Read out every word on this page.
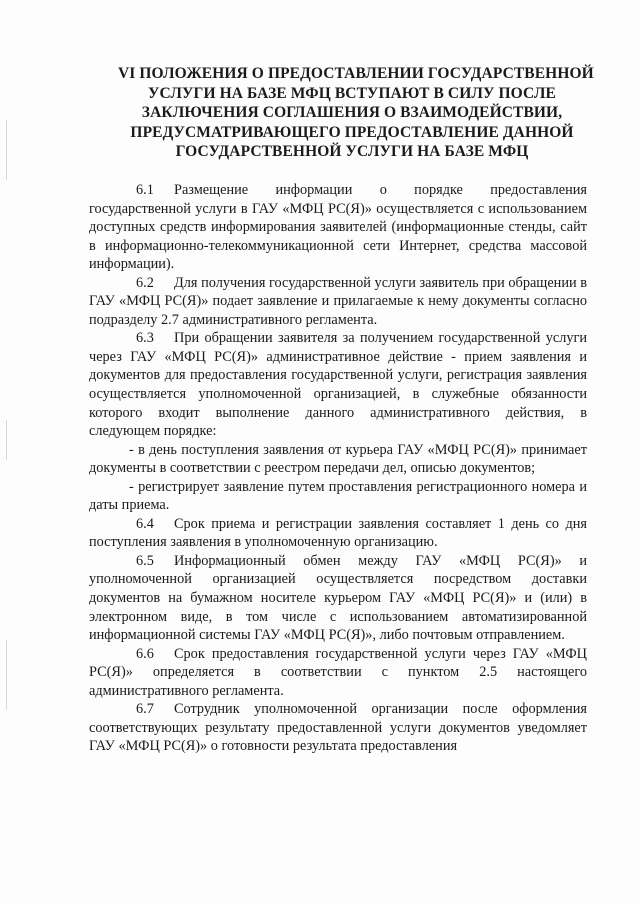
VI ПОЛОЖЕНИЯ О ПРЕДОСТАВЛЕНИИ ГОСУДАРСТВЕННОЙ
УСЛУГИ НА БАЗЕ МФЦ ВСТУПАЮТ В СИЛУ ПОСЛЕ
ЗАКЛЮЧЕНИЯ СОГЛАШЕНИЯ О ВЗАИМОДЕЙСТВИИ,
ПРЕДУСМАТРИВАЮЩЕГО ПРЕДОСТАВЛЕНИЕ ДАННОЙ
ГОСУДАРСТВЕННОЙ УСЛУГИ НА БАЗЕ МФЦ

6.1 Размещение информации о порядке предоставления государственной услуги в ГАУ «МФЦ РС(Я)» осуществляется с использованием доступных средств информирования заявителей (информационные стенды, сайт в информационно-телекоммуникационной сети Интернет, средства массовой информации).

6.2 Для получения государственной услуги заявитель при обращении в ГАУ «МФЦ РС(Я)» подает заявление и прилагаемые к нему документы согласно подразделу 2.7 административного регламента.

6.3 При обращении заявителя за получением государственной услуги через ГАУ «МФЦ РС(Я)» административное действие - прием заявления и документов для предоставления государственной услуги, регистрация заявления осуществляется уполномоченной организацией, в служебные обязанности которого входит выполнение данного административного действия, в следующем порядке:

- в день поступления заявления от курьера ГАУ «МФЦ РС(Я)» принимает документы в соответствии с реестром передачи дел, описью документов;

- регистрирует заявление путем проставления регистрационного номера и даты приема.

6.4 Срок приема и регистрации заявления составляет 1 день со дня поступления заявления в уполномоченную организацию.

6.5 Информационный обмен между ГАУ «МФЦ РС(Я)» и уполномоченной организацией осуществляется посредством доставки документов на бумажном носителе курьером ГАУ «МФЦ РС(Я)» и (или) в электронном виде, в том числе с использованием автоматизированной информационной системы ГАУ «МФЦ РС(Я)», либо почтовым отправлением.

6.6 Срок предоставления государственной услуги через ГАУ «МФЦ РС(Я)» определяется в соответствии с пунктом 2.5 настоящего административного регламента.

6.7 Сотрудник уполномоченной организации после оформления соответствующих результату предоставленной услуги документов уведомляет ГАУ «МФЦ РС(Я)» о готовности результата предоставления
